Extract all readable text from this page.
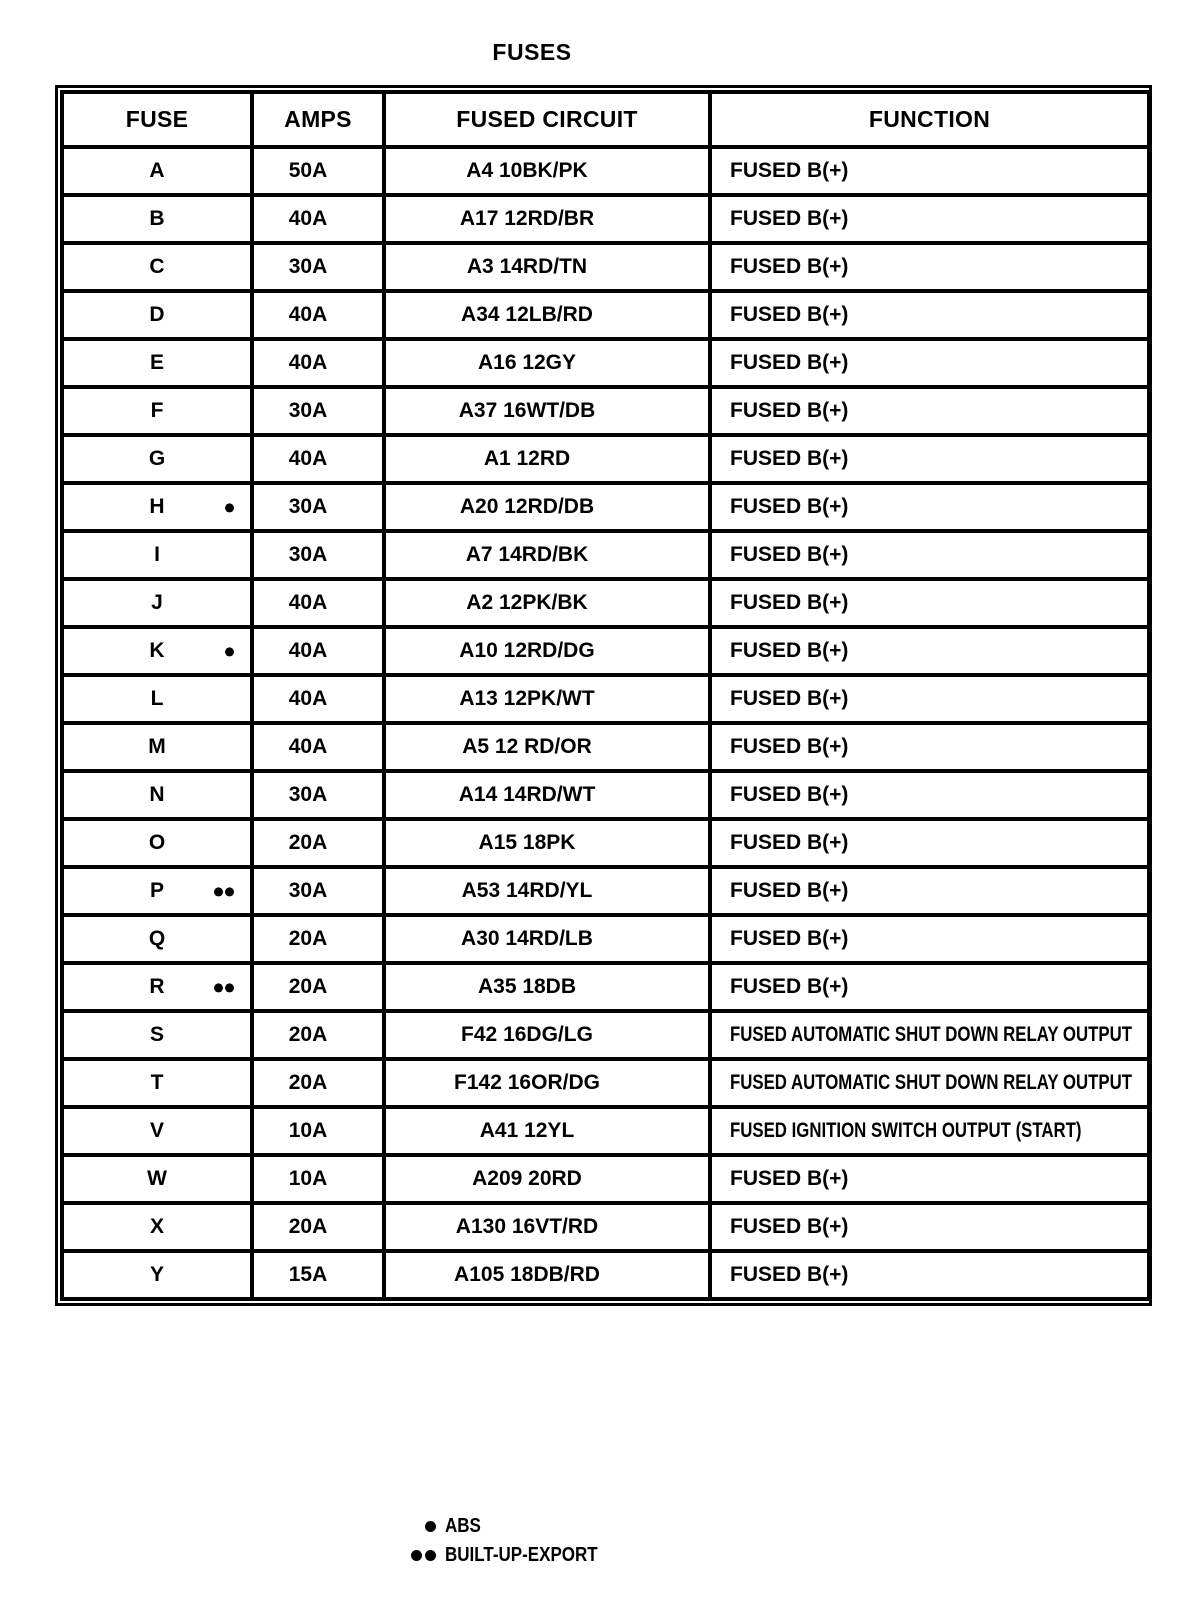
FUSES
FUSE	AMPS	FUSED CIRCUIT	FUNCTION
A	50A	A4 10BK/PK	FUSED B(+)
B	40A	A17 12RD/BR	FUSED B(+)
C	30A	A3 14RD/TN	FUSED B(+)
D	40A	A34 12LB/RD	FUSED B(+)
E	40A	A16 12GY	FUSED B(+)
F	30A	A37 16WT/DB	FUSED B(+)
G	40A	A1 12RD	FUSED B(+)
H	30A	A20 12RD/DB	FUSED B(+)
I	30A	A7 14RD/BK	FUSED B(+)
J	40A	A2 12PK/BK	FUSED B(+)
K	40A	A10 12RD/DG	FUSED B(+)
L	40A	A13 12PK/WT	FUSED B(+)
M	40A	A5 12 RD/OR	FUSED B(+)
N	30A	A14 14RD/WT	FUSED B(+)
O	20A	A15 18PK	FUSED B(+)
P	30A	A53 14RD/YL	FUSED B(+)
Q	20A	A30 14RD/LB	FUSED B(+)
R	20A	A35 18DB	FUSED B(+)
S	20A	F42 16DG/LG	FUSED AUTOMATIC SHUT DOWN RELAY OUTPUT
T	20A	F142 16OR/DG	FUSED AUTOMATIC SHUT DOWN RELAY OUTPUT
V	10A	A41 12YL	FUSED IGNITION SWITCH OUTPUT (START)
W	10A	A209 20RD	FUSED B(+)
X	20A	A130 16VT/RD	FUSED B(+)
Y	15A	A105 18DB/RD	FUSED B(+)
ABS
BUILT-UP-EXPORT
